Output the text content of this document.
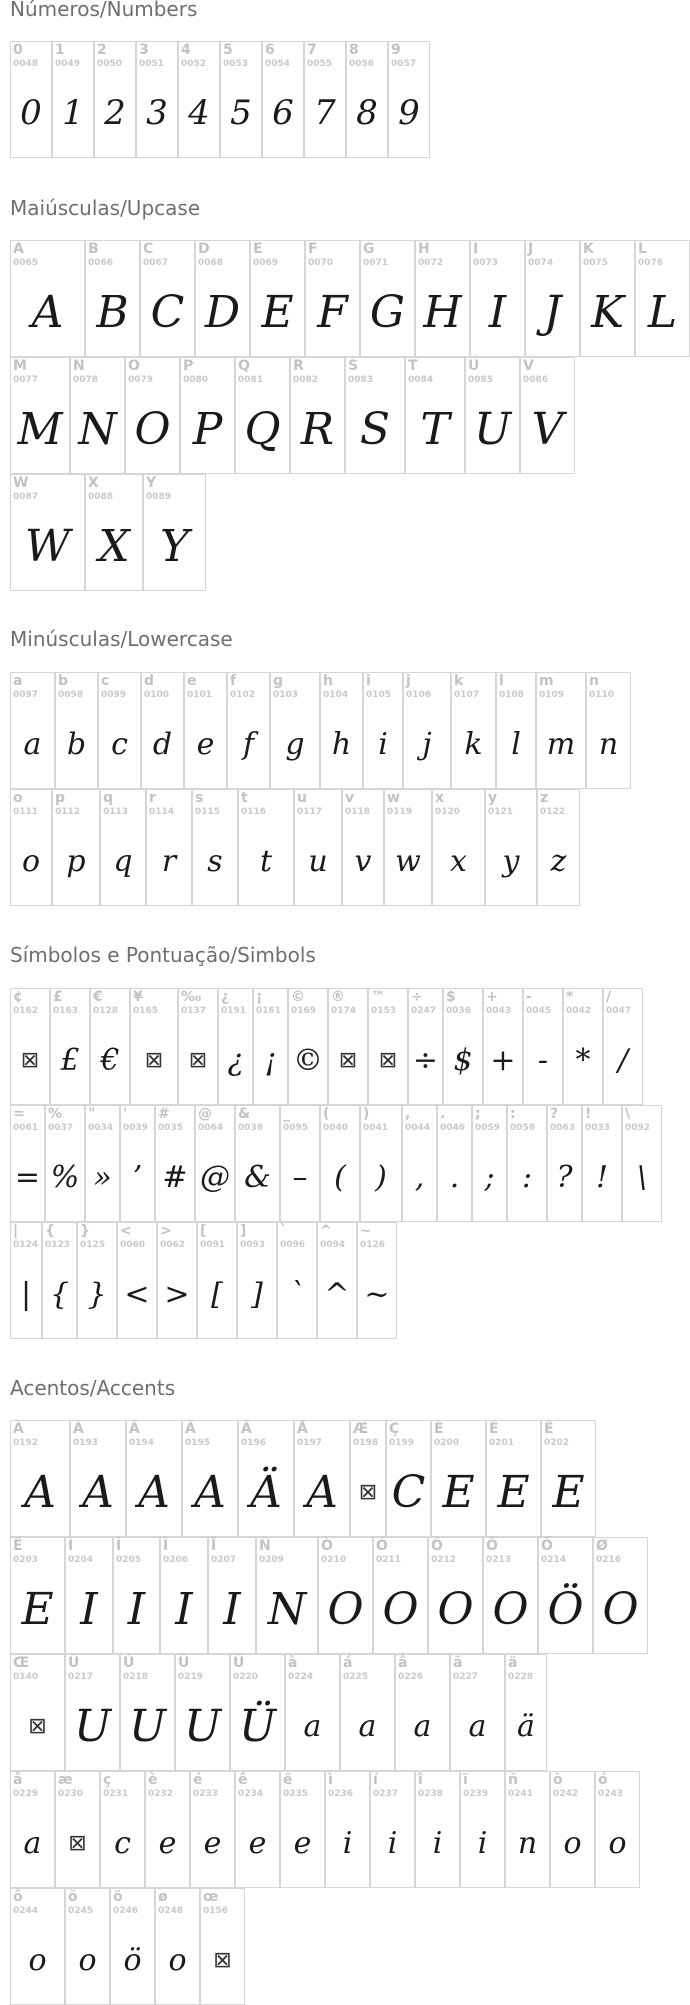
Números/Numbers
0
0048
0
1
0049
1
2
0050
2
3
0051
3
4
0052
4
5
0053
5
6
0054
6
7
0055
7
8
0056
8
9
0057
9
Maiúsculas/Upcase
A
0065
A
B
0066
B
C
0067
C
D
0068
D
E
0069
E
F
0070
F
G
0071
G
H
0072
H
I
0073
I
J
0074
J
K
0075
K
L
0076
L
M
0077
M
N
0078
N
O
0079
O
P
0080
P
Q
0081
Q
R
0082
R
S
0083
S
T
0084
T
U
0085
U
V
0086
V
W
0087
W
X
0088
X
Y
0089
Y
Minúsculas/Lowercase
a
0097
a
b
0098
b
c
0099
c
d
0100
d
e
0101
e
f
0102
f
g
0103
g
h
0104
h
i
0105
i
j
0106
j
k
0107
k
l
0108
l
m
0109
m
n
0110
n
o
0111
o
p
0112
p
q
0113
q
r
0114
r
s
0115
s
t
0116
t
u
0117
u
v
0118
v
w
0119
w
x
0120
x
y
0121
y
z
0122
z
Símbolos e Pontuação/Simbols
¢
0162
⊠
£
0163
£
€
0128
€
¥
0165
⊠
‰
0137
⊠
¿
0191
¿
¡
0161
¡
©
0169
©
®
0174
⊠
™
0153
⊠
÷
0247
÷
$
0036
$
+
0043
+
-
0045
-
*
0042
*
/
0047
/
=
0061
=
%
0037
%
"
0034
»
'
0039
’
#
0035
#
@
0064
@
&
0038
&
_
0095
–
(
0040
(
)
0041
)
,
0044
,
.
0046
.
;
0059
;
:
0058
:
?
0063
?
!
0033
!
\
0092
\
|
0124
|
{
0123
{
}
0125
}
<
0060
<
>
0062
>
[
0091
[
]
0093
]
`
0096
`
^
0094
^
~
0126
~
Acentos/Accents
À
0192
A
Á
0193
A
Â
0194
A
Ã
0195
A
Ä
0196
Ä
Å
0197
A
Æ
0198
⊠
Ç
0199
C
È
0200
E
É
0201
E
Ê
0202
E
Ë
0203
E
Ì
0204
I
Í
0205
I
Î
0206
I
Ï
0207
I
Ñ
0209
N
Ò
0210
O
Ó
0211
O
Ô
0212
O
Õ
0213
O
Ö
0214
Ö
Ø
0216
O
Œ
0140
⊠
Ù
0217
U
Ú
0218
U
Û
0219
U
Ü
0220
Ü
à
0224
a
á
0225
a
â
0226
a
ã
0227
a
ä
0228
ä
å
0229
a
æ
0230
⊠
ç
0231
c
è
0232
e
é
0233
e
ê
0234
e
ë
0235
e
ì
0236
i
í
0237
i
î
0238
i
ï
0239
i
ñ
0241
n
ò
0242
o
ó
0243
o
ô
0244
o
õ
0245
o
ö
0246
ö
ø
0248
o
œ
0156
⊠
